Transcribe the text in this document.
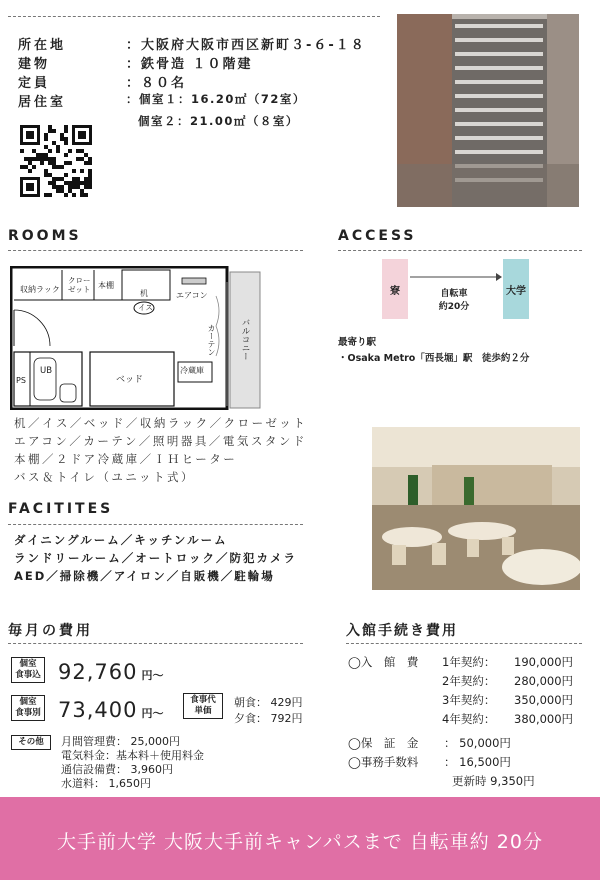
所在地	：大阪府大阪市西区新町３-６-１８
建物	：鉄骨造 １０階建
定員	：８０名
居住室	：個室１：16.20㎡（72室）
個室２：21.00㎡（８室）
ROOMS
収納ラック
クロー
ゼット 本棚
机
イス
エアコン
カーテン	バルコニー
UB
ベッド
冷蔵庫
PS
机／イス／ベッド／収納ラック／クローゼット
エアコン／カーテン／照明器具／電気スタンド
本棚／２ドア冷蔵庫／ＩＨヒーター
バス＆トイレ（ユニット式）
ACCESS
寮	自転車
約20分
大学
最寄り駅
・Osaka Metro「西長堀」駅　徒歩約２分
FACITITES
ダイニングルーム／キッチンルーム
ランドリールーム／オートロック／防犯カメラ
AED／掃除機／アイロン／自販機／駐輪場
毎月の費用
個室
食事込 92,760 円～
個室
食事別 73,400 円～
食事代
単価
朝食： 429円
夕食： 792円
その他	月間管理費： 25,000円
電気料金：基本料＋使用料金
通信設備費： 3,960円
水道料： 1,650円
入館手続き費用
◯入　館　費 1年契約：	190,000円
2年契約：	280,000円
3年契約：	350,000円
4年契約：	380,000円
◯保　証　金	： 50,000円
◯事務手数料	： 16,500円
更新時 9,350円
大手前大学 大阪大手前キャンパスまで 自転車約 20分
